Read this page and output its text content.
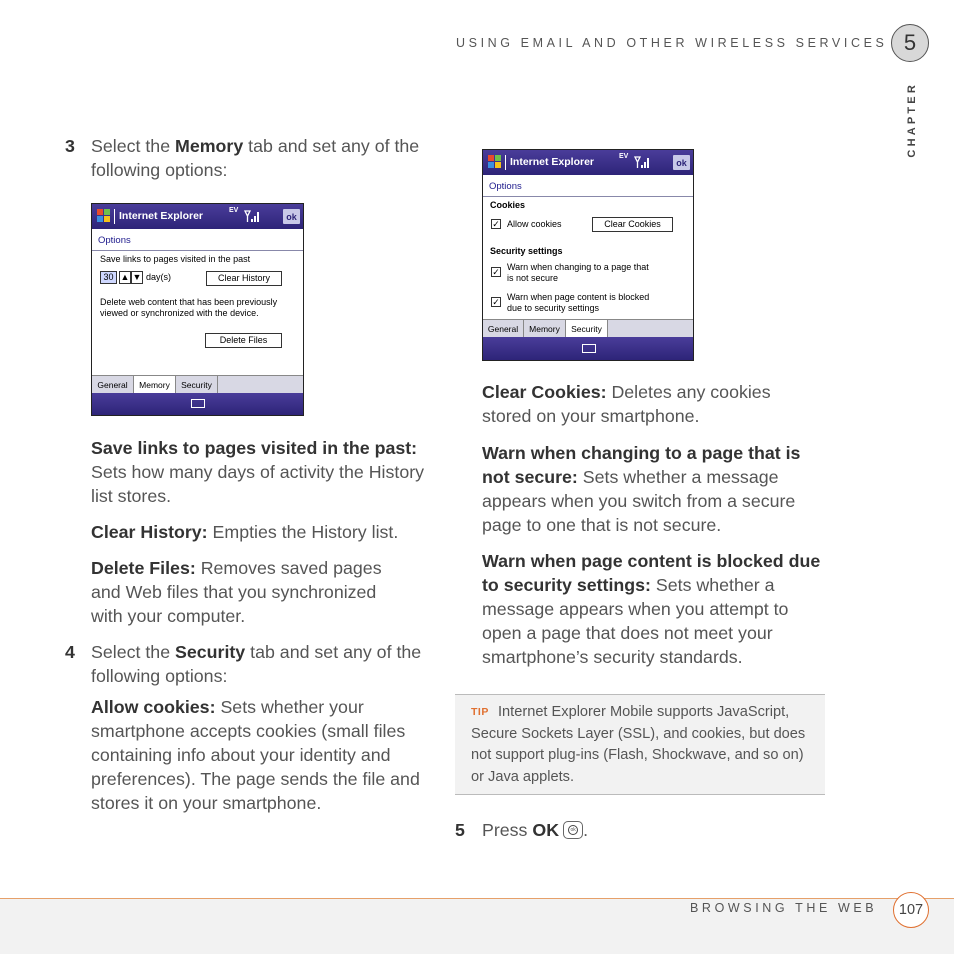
USING EMAIL AND OTHER WIRELESS SERVICES 5
CHAPTER
3 Select the Memory tab and set any of the following options:

Internet Explorer	EV
ok
Options
Save links to pages visited in the past
30 ▲ ▼ day(s)	Clear History
Delete web content that has been previously
viewed or synchronized with the device.
Delete Files
General	Memory	Security

Save links to pages visited in the past: Sets how many days of activity the History list stores.

Clear History: Empties the History list.

Delete Files: Removes saved pages and Web files that you synchronized with your computer.

4 Select the Security tab and set any of the following options:

Allow cookies: Sets whether your smartphone accepts cookies (small files containing info about your identity and preferences). The page sends the file and stores it on your smartphone.

Internet Explorer	EV
ok
Options
Cookies
✓ Allow cookies	Clear Cookies
Security settings
✓ Warn when changing to a page that
is not secure
✓ Warn when page content is blocked
due to security settings
General	Memory	Security

Clear Cookies: Deletes any cookies stored on your smartphone.

Warn when changing to a page that is not secure: Sets whether a message appears when you switch from a secure page to one that is not secure.

Warn when page content is blocked due to security settings: Sets whether a message appears when you attempt to open a page that does not meet your smartphone’s security standards.

TIP Internet Explorer Mobile supports JavaScript, Secure Sockets Layer (SSL), and cookies, but does not support plug-ins (Flash, Shockwave, and so on) or Java applets.
5 Press OK	ok .

BROWSING THE WEB	107
